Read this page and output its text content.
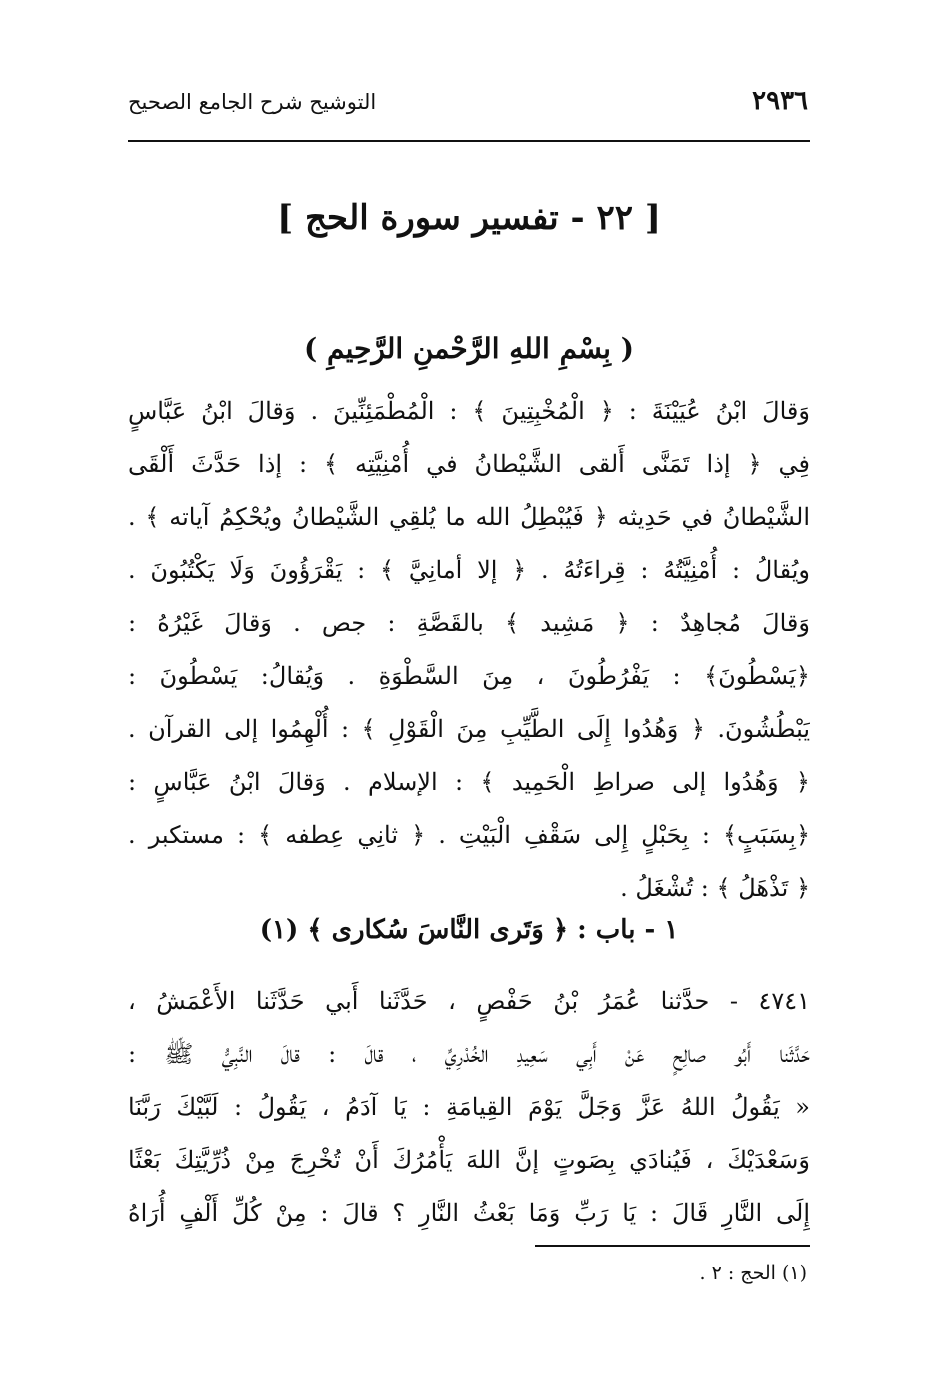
٢٩٣٦
التوشيح شرح الجامع الصحيح
[ ٢٢ - تفسير سورة الحج ]
( بِسْمِ اللهِ الرَّحْمنِ الرَّحِيمِ )
وَقالَ ابْنُ عُيَيْنَةَ : ﴿ الْمُخْبِتِينَ ﴾ : الْمُطْمَئِنِّينَ . وَقالَ ابْنُ عَبَّاسٍ
فِي ﴿ إذا تَمَنَّى أَلقى الشَّيْطانُ في أُمْنِيَّتِه ﴾ : إذا حَدَّثَ أَلْقَى
الشَّيْطانُ في حَدِيثه ﴿ فَيُبْطِلُ الله ما يُلقِي الشَّيْطانُ ويُحْكِمُ آياته ﴾ .
ويُقالُ : أُمْنِيَّتُهُ : قِراءَتُهُ . ﴿ إلا أمانِيَّ ﴾ : يَقْرَؤُونَ وَلَا يَكْتُبُونَ .
وَقالَ مُجاهِدٌ : ﴿ مَشِيد ﴾ بالقَصَّةِ : جص . وَقالَ غَيْرُهُ :
﴿يَسْطُونَ﴾ : يَفْرُطُونَ ، مِنَ السَّطْوَةِ . وَيُقالُ: يَسْطُونَ :
يَبْطُشُونَ. ﴿ وَهُدُوا إِلَى الطَّيِّبِ مِنَ الْقَوْلِ ﴾ : أُلْهِمُوا إلى القرآن .
﴿ وَهُدُوا إلى صراطِ الْحَمِيد ﴾ : الإسلام . وَقالَ ابْنُ عَبَّاسٍ :
﴿بِسَبَبٍ﴾ : بِحَبْلٍ إِلى سَقْفِ الْبَيْتِ . ﴿ ثانِي عِطفه ﴾ : مستكبر .
﴿ تَذْهَلُ ﴾ : تُشْغَلُ .
١ - باب : ﴿ وَتَرى النَّاسَ سُكارى ﴾ (١)
٤٧٤١ - حدَّثنا عُمَرُ بْنُ حَفْصٍ ، حَدَّثَنا أَبي حَدَّثَنا الأَعْمَشُ ،
حَدَّثَنا أَبُو صالِحٍ عَنْ أَبِي سَعِيدِ الخُدْرِيِّ ، قالَ : قالَ النَّبِيُّ ﷺ :
« يَقُولُ اللهُ عَزَّ وَجَلَّ يَوْمَ القِيامَةِ : يَا آدَمُ ، يَقُولُ : لَبَّيْكَ رَبَّنَا
وَسَعْدَيْكَ ، فَيُنادَي بِصَوتٍ إنَّ اللهَ يَأْمُرُكَ أَنْ تُخْرِجَ مِنْ ذُرِّيَّتِكَ بَعْثًا
إِلَى النَّارِ قَالَ : يَا رَبِّ وَمَا بَعْثُ النَّارِ ؟ قالَ : مِنْ كُلِّ أَلْفٍ أُرَاهُ
(١) الحج : ٢ .
